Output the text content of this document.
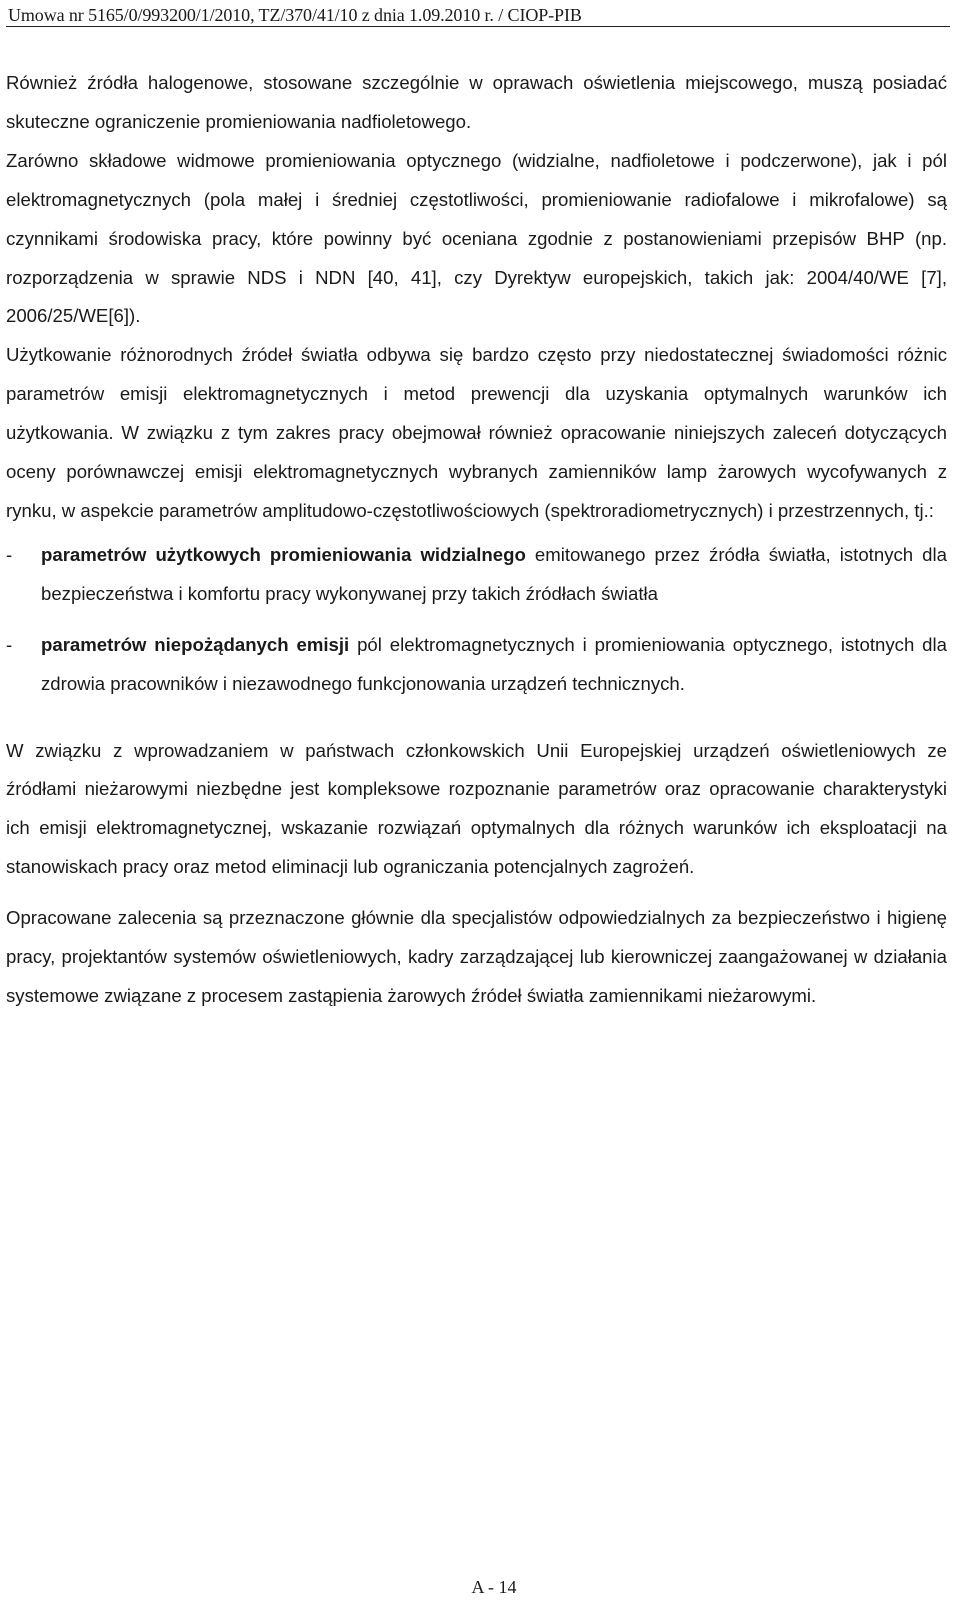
Umowa nr 5165/0/993200/1/2010, TZ/370/41/10 z dnia 1.09.2010 r. / CIOP-PIB

Również źródła halogenowe, stosowane szczególnie w oprawach oświetlenia miejscowego, muszą posiadać skuteczne ograniczenie promieniowania nadfioletowego.

Zarówno składowe widmowe promieniowania optycznego (widzialne, nadfioletowe i podczerwone), jak i pól elektromagnetycznych (pola małej i średniej częstotliwości, promieniowanie radiofalowe i mikrofalowe) są czynnikami środowiska pracy, które powinny być oceniana zgodnie z postanowieniami przepisów BHP (np. rozporządzenia w sprawie NDS i NDN [40, 41], czy Dyrektyw europejskich, takich jak: 2004/40/WE [7], 2006/25/WE[6]).

Użytkowanie różnorodnych źródeł światła odbywa się bardzo często przy niedostatecznej świadomości różnic parametrów emisji elektromagnetycznych i metod prewencji dla uzyskania optymalnych warunków ich użytkowania. W związku z tym zakres pracy obejmował również opracowanie niniejszych zaleceń dotyczących oceny porównawczej emisji elektromagnetycznych wybranych zamienników lamp żarowych wycofywanych z rynku, w aspekcie parametrów amplitudowo-częstotliwościowych (spektroradiometrycznych) i przestrzennych, tj.:

- parametrów użytkowych promieniowania widzialnego emitowanego przez źródła światła, istotnych dla bezpieczeństwa i komfortu pracy wykonywanej przy takich źródłach światła
- parametrów niepożądanych emisji pól elektromagnetycznych i promieniowania optycznego, istotnych dla zdrowia pracowników i niezawodnego funkcjonowania urządzeń technicznych.

W związku z wprowadzaniem w państwach członkowskich Unii Europejskiej urządzeń oświetleniowych ze źródłami nieżarowymi niezbędne jest kompleksowe rozpoznanie parametrów oraz opracowanie charakterystyki ich emisji elektromagnetycznej, wskazanie rozwiązań optymalnych dla różnych warunków ich eksploatacji na stanowiskach pracy oraz metod eliminacji lub ograniczania potencjalnych zagrożeń.

Opracowane zalecenia są przeznaczone głównie dla specjalistów odpowiedzialnych za bezpieczeństwo i higienę pracy, projektantów systemów oświetleniowych, kadry zarządzającej lub kierowniczej zaangażowanej w działania systemowe związane z procesem zastąpienia żarowych źródeł światła zamiennikami nieżarowymi.

A - 14
